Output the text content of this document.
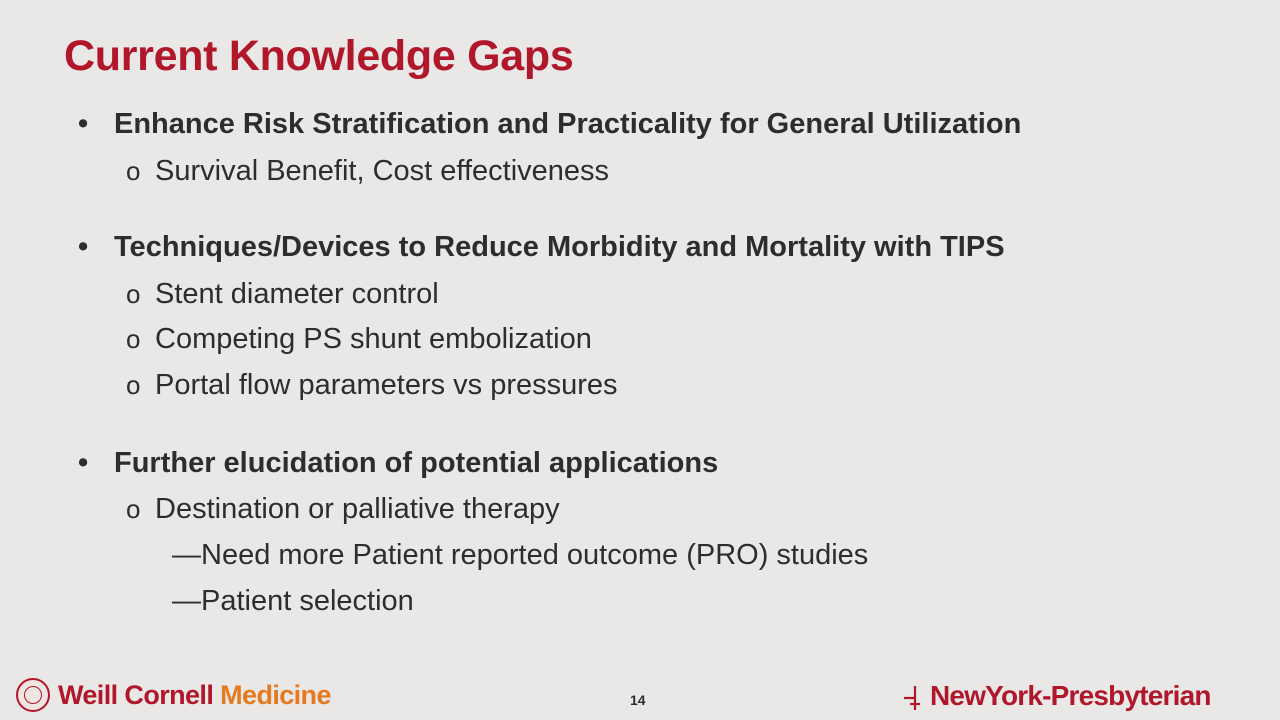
Current Knowledge Gaps
• Enhance Risk Stratification and Practicality for General Utilization
o Survival Benefit, Cost effectiveness
• Techniques/Devices to Reduce Morbidity and Mortality with TIPS
o Stent diameter control
o Competing PS shunt embolization
o Portal flow parameters vs pressures
• Further elucidation of potential applications
o Destination or palliative therapy
—Need more Patient reported outcome (PRO) studies
—Patient selection
Weill Cornell Medicine	14	NewYork-Presbyterian
